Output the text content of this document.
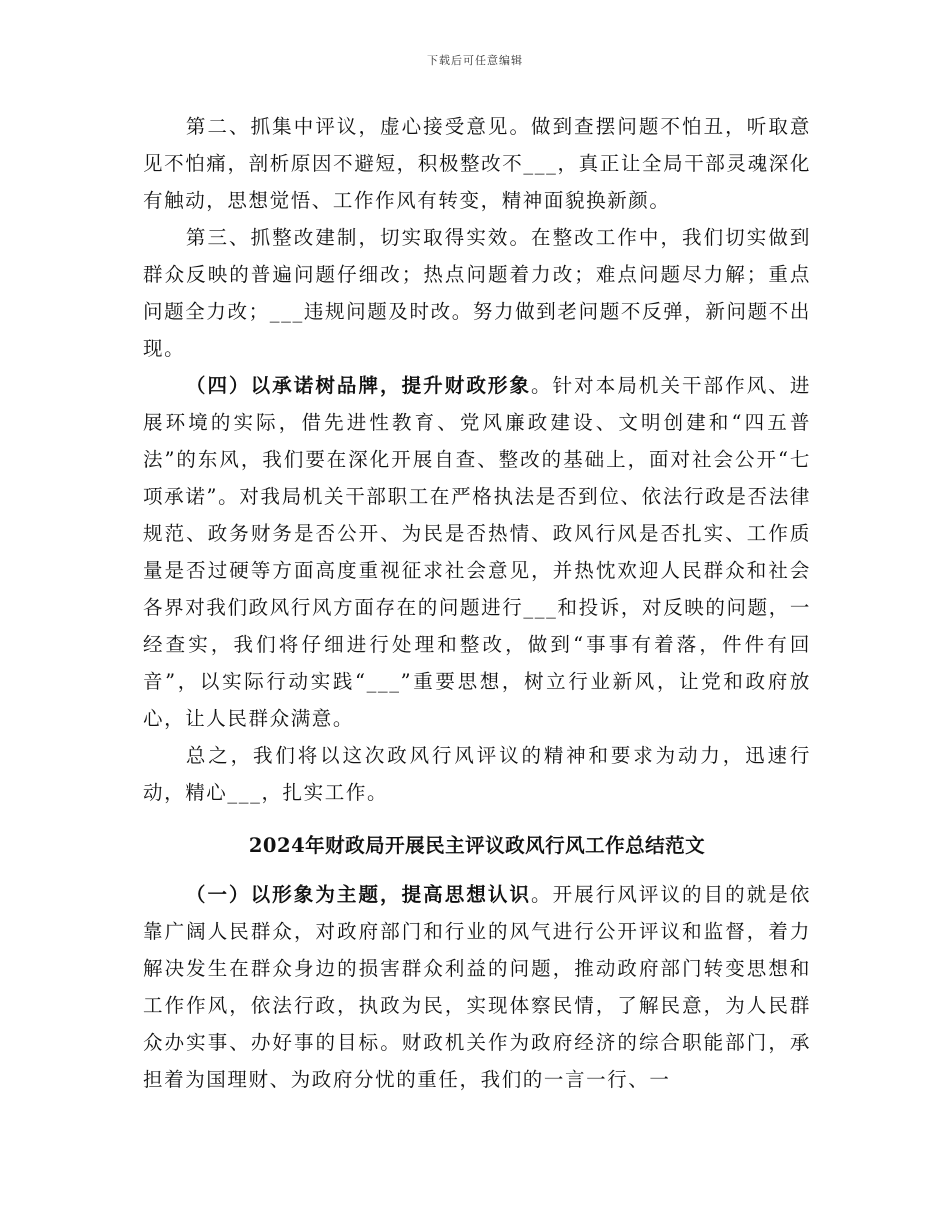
下载后可任意编辑

第二、抓集中评议，虚心接受意见。做到查摆问题不怕丑，听取意见不怕痛，剖析原因不避短，积极整改不___，真正让全局干部灵魂深化有触动，思想觉悟、工作作风有转变，精神面貌换新颜。

第三、抓整改建制，切实取得实效。在整改工作中，我们切实做到群众反映的普遍问题仔细改；热点问题着力改；难点问题尽力解；重点问题全力改；___违规问题及时改。努力做到老问题不反弹，新问题不出现。

（四）以承诺树品牌，提升财政形象。针对本局机关干部作风、进展环境的实际，借先进性教育、党风廉政建设、文明创建和“四五普法”的东风，我们要在深化开展自查、整改的基础上，面对社会公开“七项承诺”。对我局机关干部职工在严格执法是否到位、依法行政是否法律规范、政务财务是否公开、为民是否热情、政风行风是否扎实、工作质量是否过硬等方面高度重视征求社会意见，并热忱欢迎人民群众和社会各界对我们政风行风方面存在的问题进行___和投诉，对反映的问题，一经查实，我们将仔细进行处理和整改，做到“事事有着落，件件有回音”，以实际行动实践“___”重要思想，树立行业新风，让党和政府放心，让人民群众满意。

总之，我们将以这次政风行风评议的精神和要求为动力，迅速行动，精心___，扎实工作。

2024年财政局开展民主评议政风行风工作总结范文

（一）以形象为主题，提高思想认识。开展行风评议的目的就是依靠广阔人民群众，对政府部门和行业的风气进行公开评议和监督，着力解决发生在群众身边的损害群众利益的问题，推动政府部门转变思想和工作作风，依法行政，执政为民，实现体察民情，了解民意，为人民群众办实事、办好事的目标。财政机关作为政府经济的综合职能部门，承担着为国理财、为政府分忧的重任，我们的一言一行、一
